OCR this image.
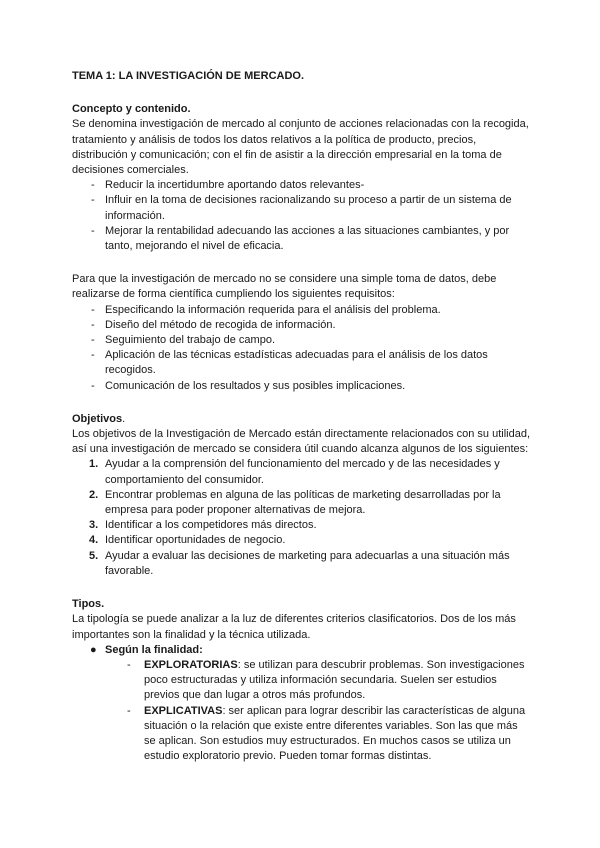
TEMA 1: LA INVESTIGACIÓN DE MERCADO.

Concepto y contenido.

Se denomina investigación de mercado al conjunto de acciones relacionadas con la recogida, tratamiento y análisis de todos los datos relativos a la política de producto, precios, distribución y comunicación; con el fin de asistir a la dirección empresarial en la toma de decisiones comerciales.

- Reducir la incertidumbre aportando datos relevantes-
- Influir en la toma de decisiones racionalizando su proceso a partir de un sistema de información.
- Mejorar la rentabilidad adecuando las acciones a las situaciones cambiantes, y por tanto, mejorando el nivel de eficacia.

Para que la investigación de mercado no se considere una simple toma de datos, debe realizarse de forma científica cumpliendo los siguientes requisitos:

- Especificando la información requerida para el análisis del problema.
- Diseño del método de recogida de información.
- Seguimiento del trabajo de campo.
- Aplicación de las técnicas estadísticas adecuadas para el análisis de los datos recogidos.
- Comunicación de los resultados y sus posibles implicaciones.

Objetivos.

Los objetivos de la Investigación de Mercado están directamente relacionados con su utilidad, así una investigación de mercado se considera útil cuando alcanza algunos de los siguientes:

1. Ayudar a la comprensión del funcionamiento del mercado y de las necesidades y comportamiento del consumidor.
2. Encontrar problemas en alguna de las políticas de marketing desarrolladas por la empresa para poder proponer alternativas de mejora.
3. Identificar a los competidores más directos.
4. Identificar oportunidades de negocio.
5. Ayudar a evaluar las decisiones de marketing para adecuarlas a una situación más favorable.

Tipos.

La tipología se puede analizar a la luz de diferentes criterios clasificatorios. Dos de los más importantes son la finalidad y la técnica utilizada.

● Según la finalidad:
- EXPLORATORIAS: se utilizan para descubrir problemas. Son investigaciones poco estructuradas y utiliza información secundaria. Suelen ser estudios previos que dan lugar a otros más profundos.
- EXPLICATIVAS: ser aplican para lograr describir las características de alguna situación o la relación que existe entre diferentes variables. Son las que más se aplican. Son estudios muy estructurados. En muchos casos se utiliza un estudio exploratorio previo. Pueden tomar formas distintas.
